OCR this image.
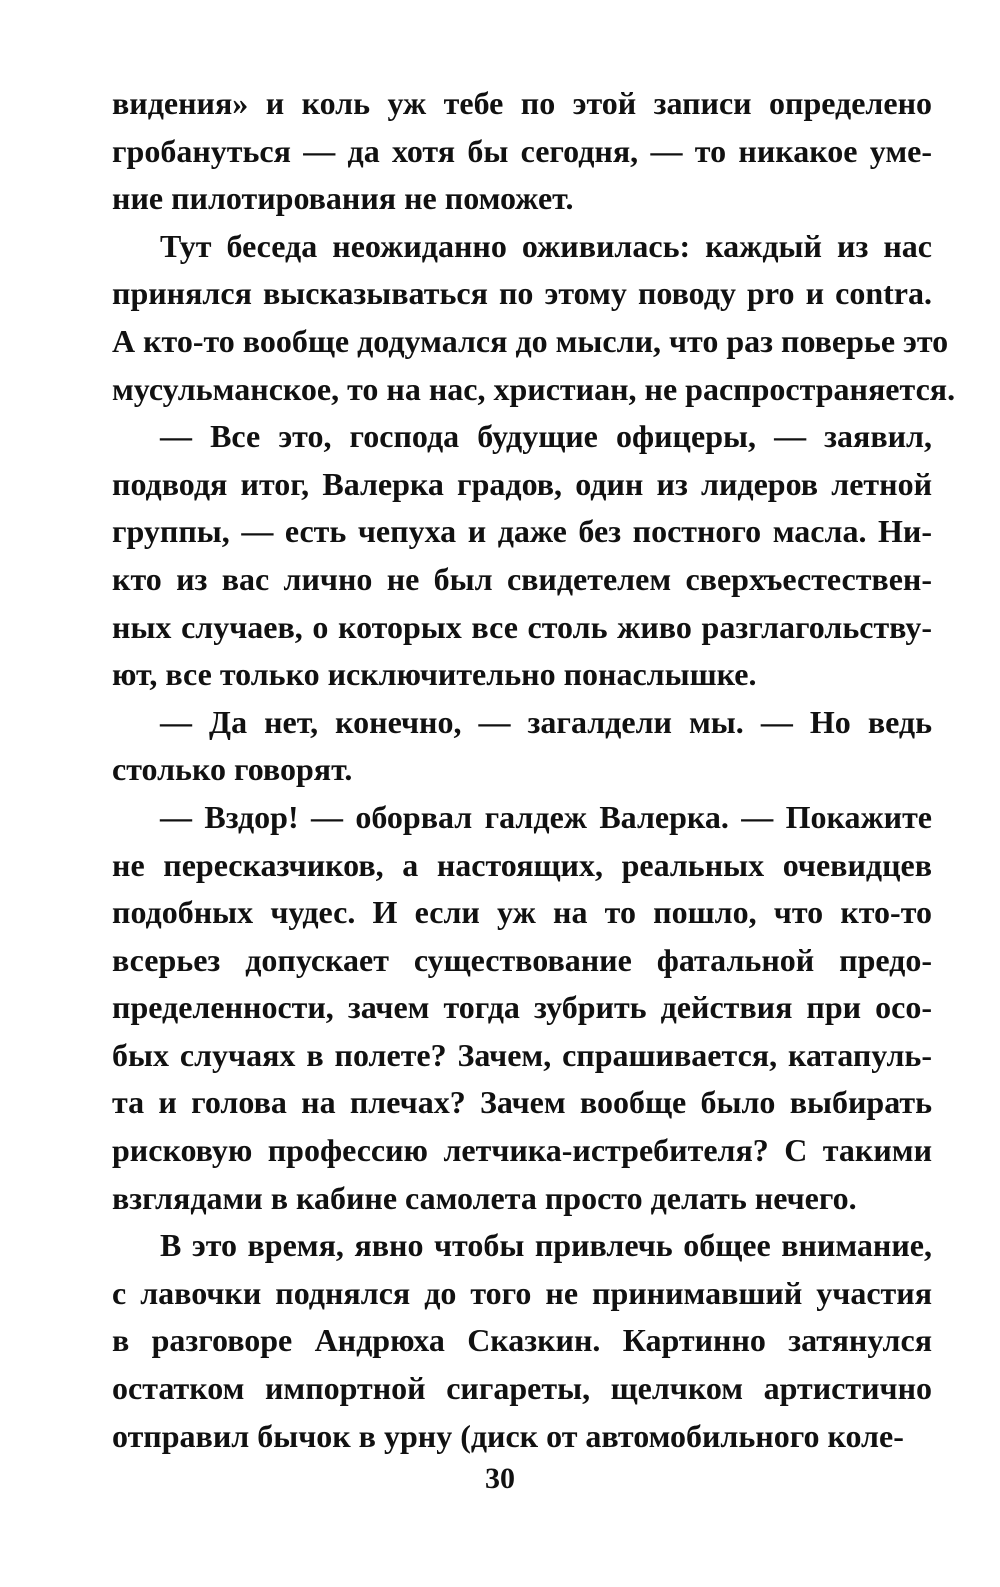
видения» и коль уж тебе по этой записи определено
гробануться — да хотя бы сегодня, — то никакое уме-
ние пилотирования не поможет.
Тут беседа неожиданно оживилась: каждый из нас
принялся высказываться по этому поводу pro и contra.
А кто-то вообще додумался до мысли, что раз поверье это
мусульманское, то на нас, христиан, не распространяется.
— Все это, господа будущие офицеры, — заявил,
подводя итог, Валерка градов, один из лидеров летной
группы, — есть чепуха и даже без постного масла. Ни-
кто из вас лично не был свидетелем сверхъестествен-
ных случаев, о которых все столь живо разглагольству-
ют, все только исключительно понаслышке.
— Да нет, конечно, — загалдели мы. — Но ведь
столько говорят.
— Вздор! — оборвал галдеж Валерка. — Покажите
не пересказчиков, а настоящих, реальных очевидцев
подобных чудес. И если уж на то пошло, что кто-то
всерьез допускает существование фатальной предо-
пределенности, зачем тогда зубрить действия при осо-
бых случаях в полете? Зачем, спрашивается, катапуль-
та и голова на плечах? Зачем вообще было выбирать
рисковую профессию летчика-истребителя? С такими
взглядами в кабине самолета просто делать нечего.
В это время, явно чтобы привлечь общее внимание,
с лавочки поднялся до того не принимавший участия
в разговоре Андрюха Сказкин. Картинно затянулся
остатком импортной сигареты, щелчком артистично
отправил бычок в урну (диск от автомобильного коле-
30
